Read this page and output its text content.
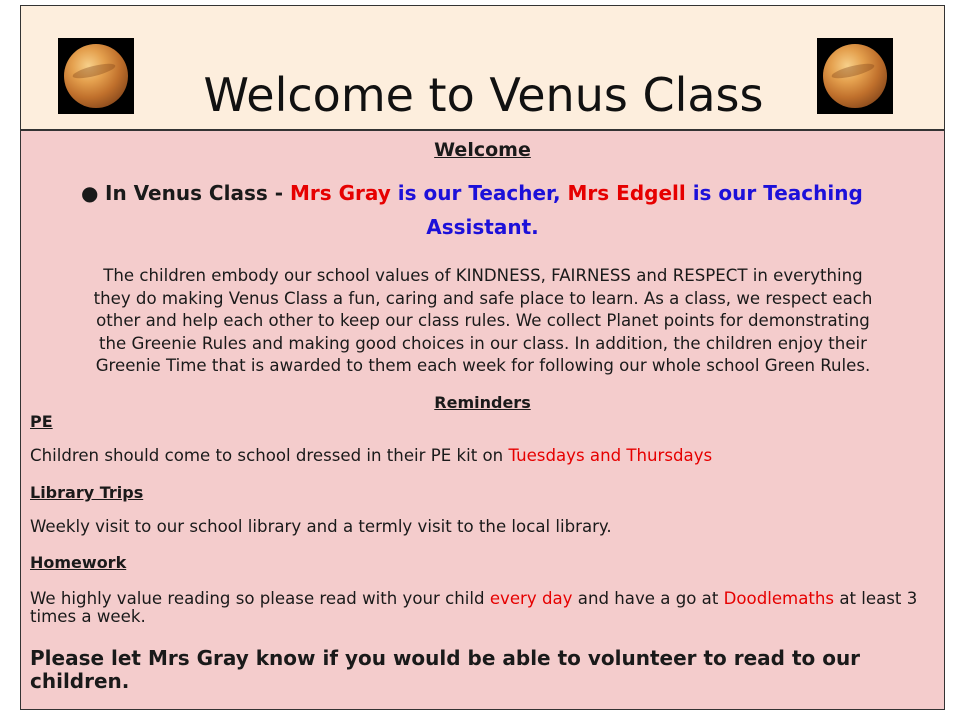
Welcome to Venus Class
Welcome
● In Venus Class - Mrs Gray is our Teacher, Mrs Edgell is our Teaching
Assistant.
The children embody our school values of KINDNESS, FAIRNESS and RESPECT in everything
they do making Venus Class a fun, caring and safe place to learn. As a class, we respect each
other and help each other to keep our class rules. We collect Planet points for demonstrating
the Greenie Rules and making good choices in our class. In addition, the children enjoy their
Greenie Time that is awarded to them each week for following our whole school Green Rules.
Reminders
PE
Children should come to school dressed in their PE kit on Tuesdays and Thursdays
Library Trips
Weekly visit to our school library and a termly visit to the local library.
Homework
We highly value reading so please read with your child every day and have a go at Doodlemaths at least 3 times a week.
Please let Mrs Gray know if you would be able to volunteer to read to our children.
